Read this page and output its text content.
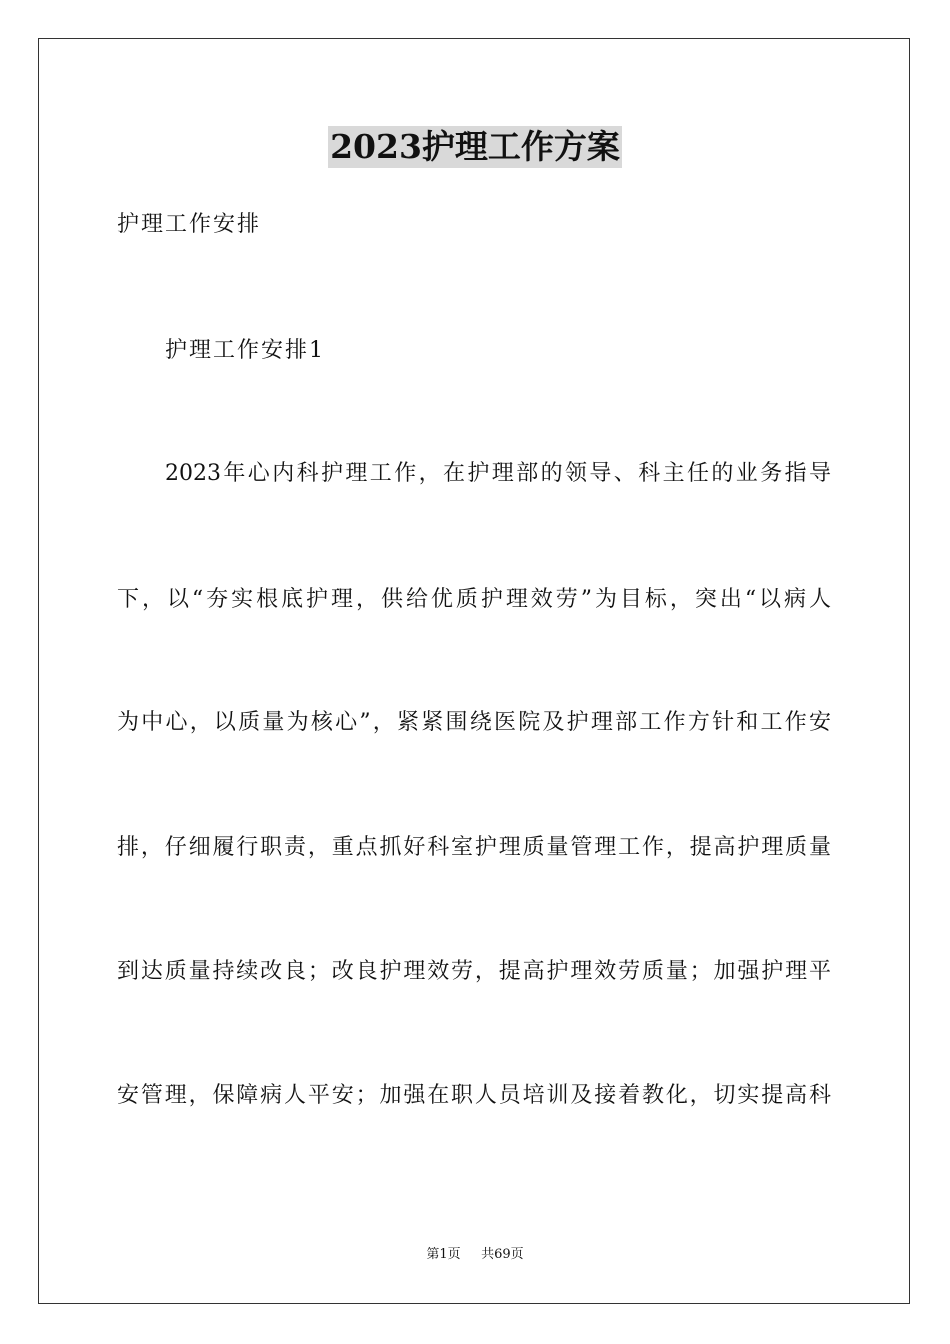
2023护理工作方案
护理工作安排
护理工作安排1
2023年心内科护理工作，在护理部的领导、科主任的业务指导
下，以“夯实根底护理，供给优质护理效劳”为目标，突出“以病人
为中心，以质量为核心”，紧紧围绕医院及护理部工作方针和工作安
排，仔细履行职责，重点抓好科室护理质量管理工作，提高护理质量
到达质量持续改良；改良护理效劳，提高护理效劳质量；加强护理平
安管理，保障病人平安；加强在职人员培训及接着教化，切实提高科
第1页 共69页
